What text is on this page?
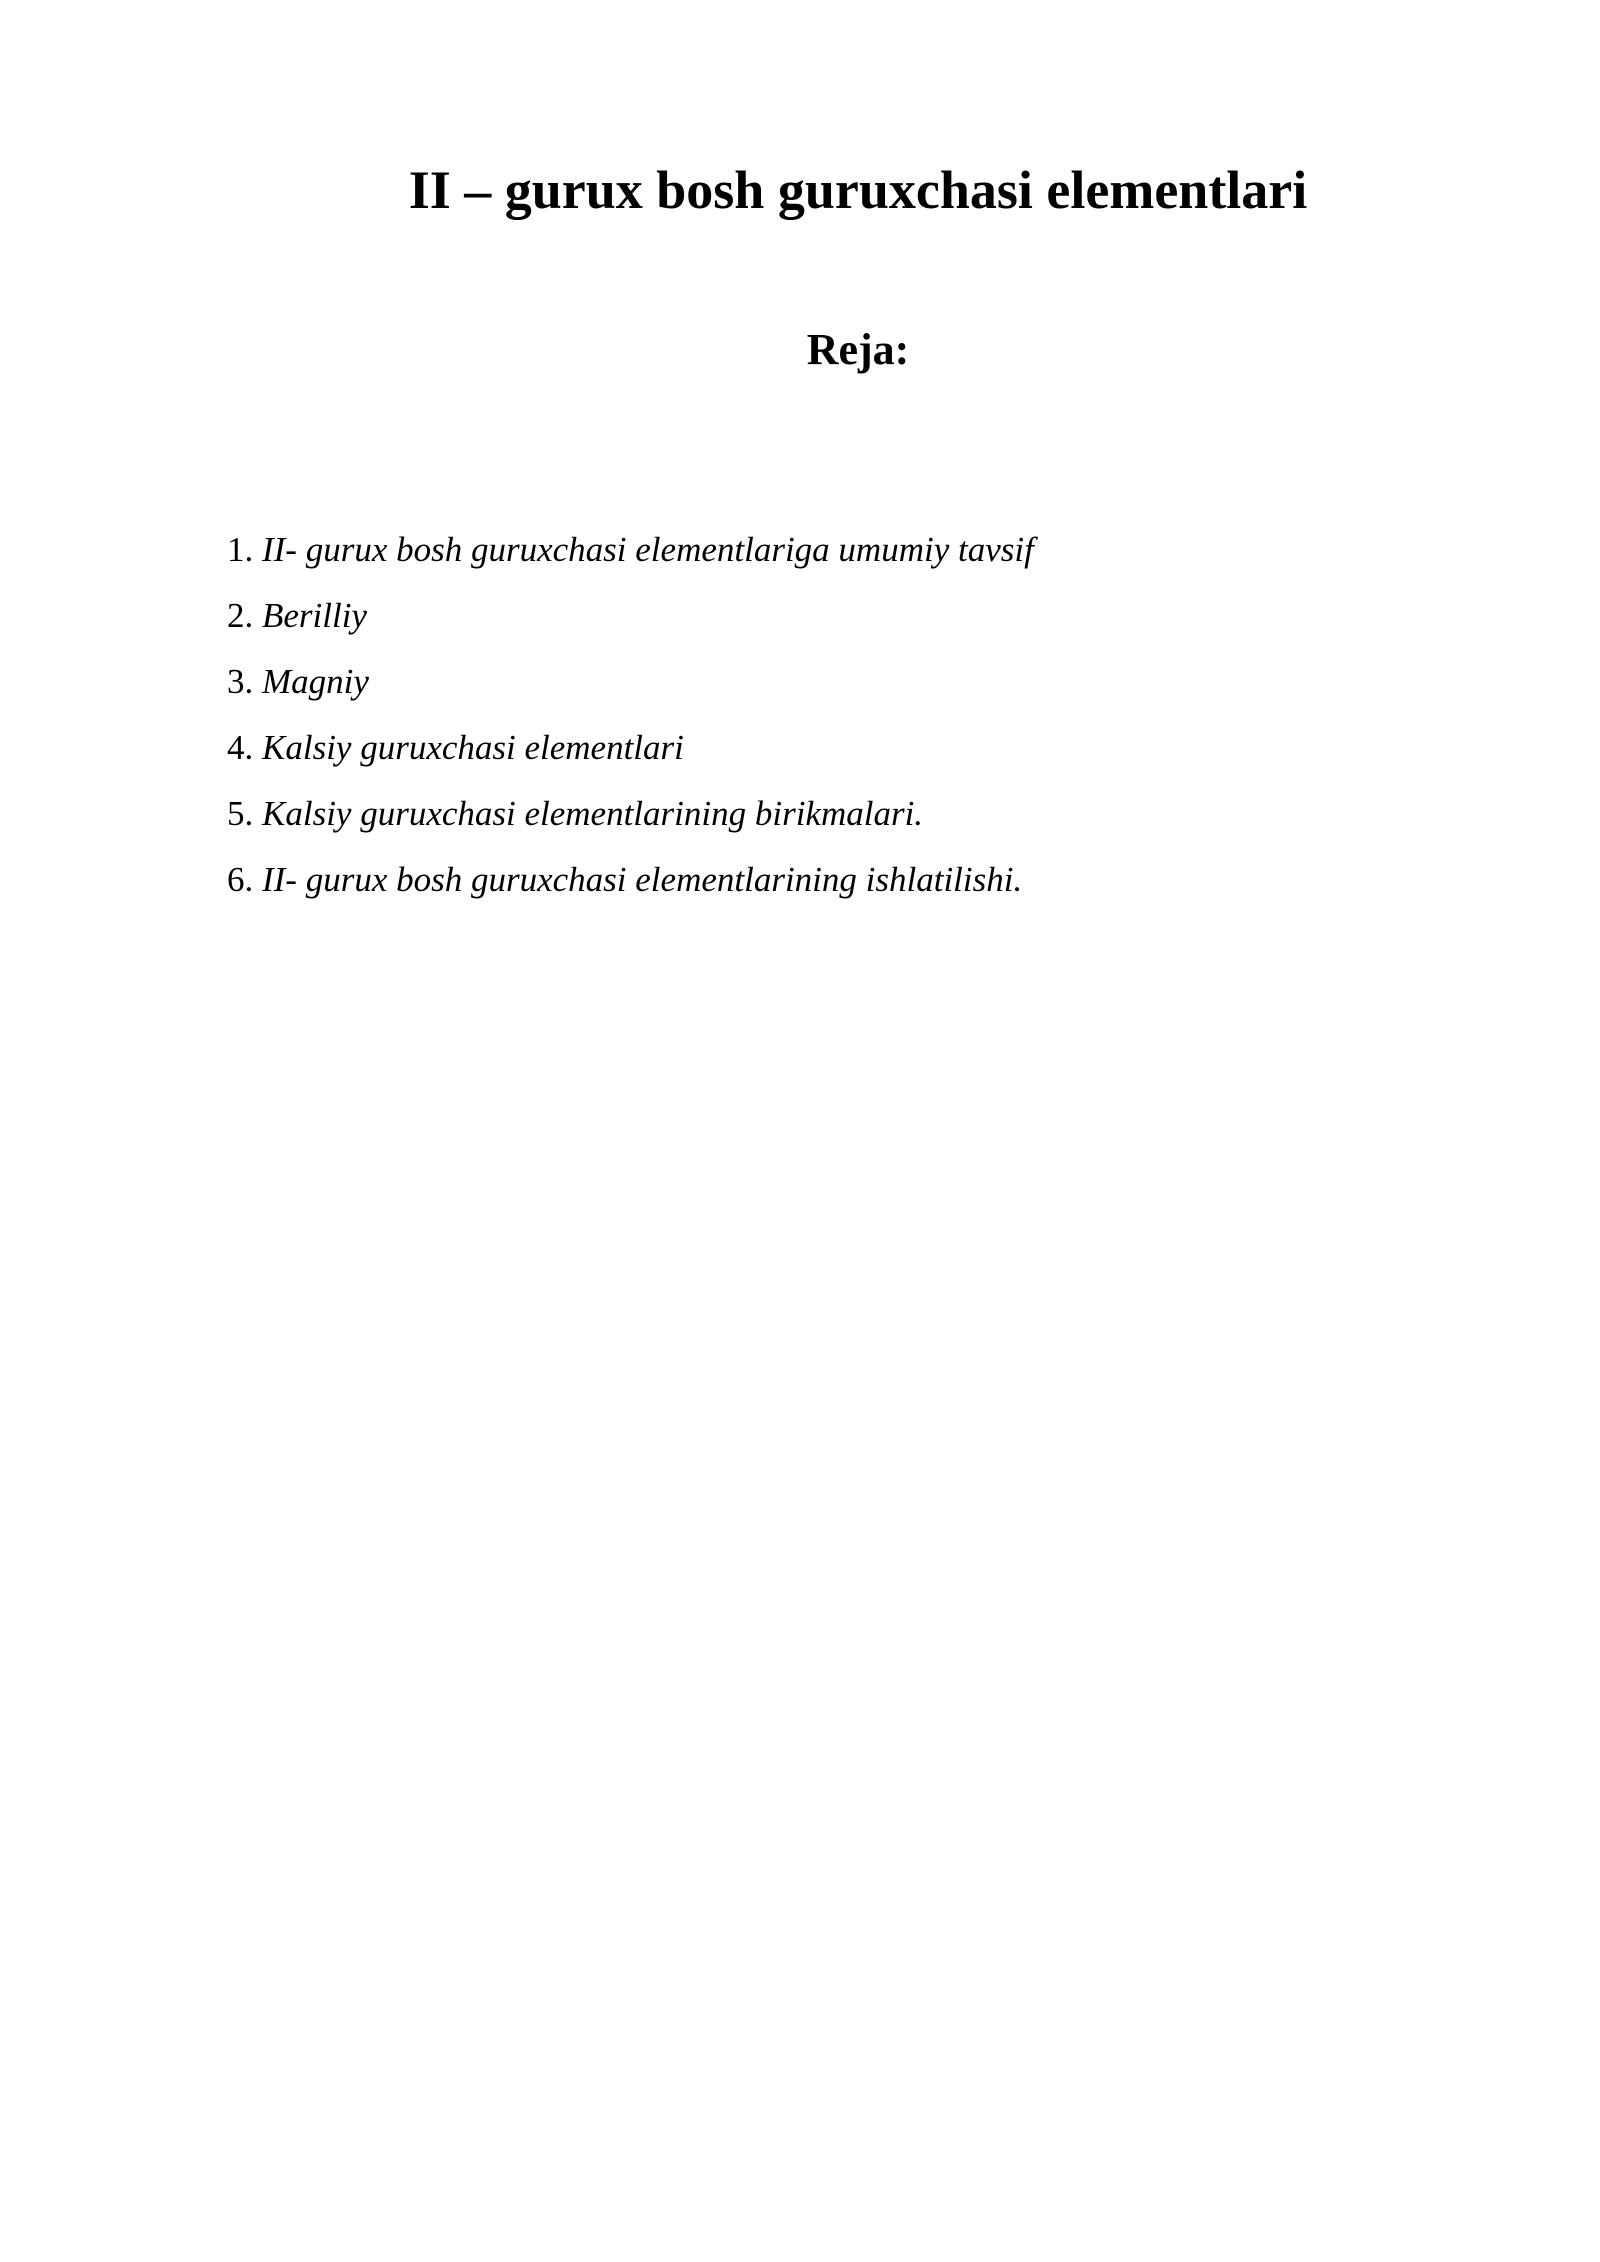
II – gurux bosh guruxchasi elementlari
Reja:
1. II- gurux bosh guruxchasi elementlariga umumiy tavsif
2. Berilliy
3. Magniy
4. Kalsiy guruxchasi elementlari
5. Kalsiy guruxchasi elementlarining birikmalari.
6. II- gurux bosh guruxchasi elementlarining ishlatilishi.
